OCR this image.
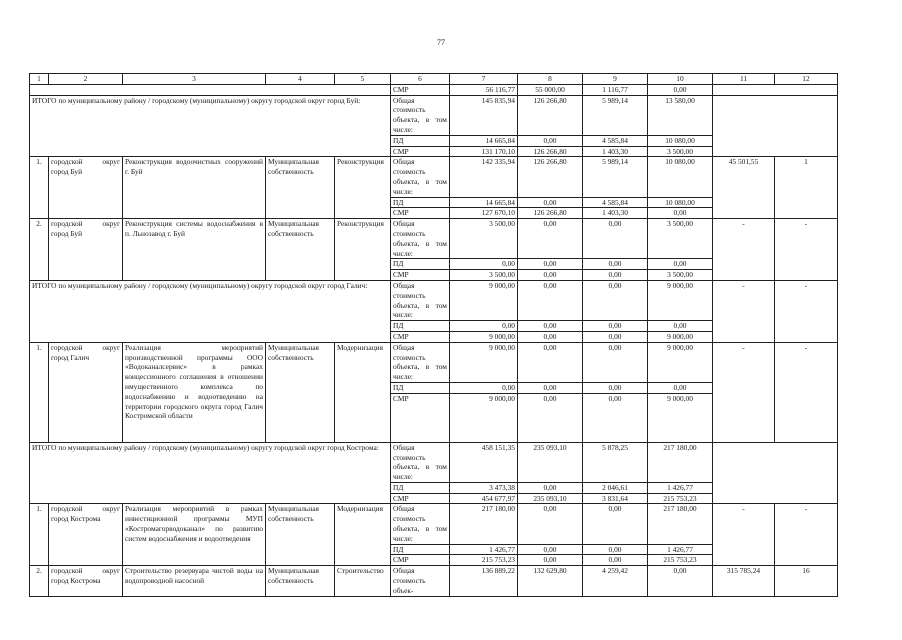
77
1	2	3	4	5	6	7	8	9	10	11	12
					СМР	56 116,77	55 000,00	1 116,77	0,00		
ИТОГО по муниципальному району / городскому (муниципальному) округу городской округ город Буй:					Общая стоимость объекта, в том числе:	145 835,94	126 266,80	5 989,14	13 580,00		
					ПД	14 665,84	0,00	4 585,84	10 080,00		
					СМР	131 170,10	126 266,80	1 403,30	3 500,00		
1.	городской округ город Буй	Реконструкция водоочистных сооружений г. Буй	Муниципальная собственность	Реконструкция	Общая стоимость объекта, в том числе:	142 335,94	126 266,80	5 989,14	10 080,00	45 501,55	1
					ПД	14 665,84	0,00	4 585,84	10 080,00		
					СМР	127 670,10	126 266,80	1 403,30	0,00		
2.	городской округ город Буй	Реконструкция системы водоснабжения в п. Льнозавод г. Буй	Муниципальная собственность	Реконструкция	Общая стоимость объекта, в том числе:	3 500,00	0,00	0,00	3 500,00	-	-
					ПД	0,00	0,00	0,00	0,00		
					СМР	3 500,00	0,00	0,00	3 500,00		
ИТОГО по муниципальному району / городскому (муниципальному) округу городской округ город Галич:					Общая стоимость объекта, в том числе:	9 000,00	0,00	0,00	9 000,00	-	-
					ПД	0,00	0,00	0,00	0,00		
					СМР	9 000,00	0,00	0,00	9 000,00		
1.	городской округ город Галич	Реализация мероприятий производственной программы ООО «Водоканалсервис» в рамках концессионного соглашения в отношении имущественного комплекса по водоснабжению и водоотведению на территории городского округа город Галич Костромской области	Муниципальная собственность	Модернизация	Общая стоимость объекта, в том числе:	9 000,00	0,00	0,00	9 000,00	-	-
					ПД	0,00	0,00	0,00	0,00		
					СМР	9 000,00	0,00	0,00	9 000,00		
ИТОГО по муниципальному району / городскому (муниципальному) округу городской округ город Кострома:					Общая стоимость объекта, в том числе:	458 151,35	235 093,10	5 878,25	217 180,00		
					ПД	3 473,38	0,00	2 046,61	1 426,77		
					СМР	454 677,97	235 093,10	3 831,64	215 753,23		
1.	городской округ город Кострома	Реализация мероприятий в рамках инвестиционной программы МУП «Костромагорводоканал» по развитию систем водоснабжения и водоотведения	Муниципальная собственность	Модернизация	Общая стоимость объекта, в том числе:	217 180,00	0,00	0,00	217 180,00	-	-
					ПД	1 426,77	0,00	0,00	1 426,77		
					СМР	215 753,23	0,00	0,00	215 753,23		
2.	городской округ город Кострома	Строительство резервуара чистой воды на водопроводной насосной	Муниципальная собственность	Строительство	Общая стоимость объек-	136 889,22	132 629,80	4 259,42	0,00	315 785,24	16
